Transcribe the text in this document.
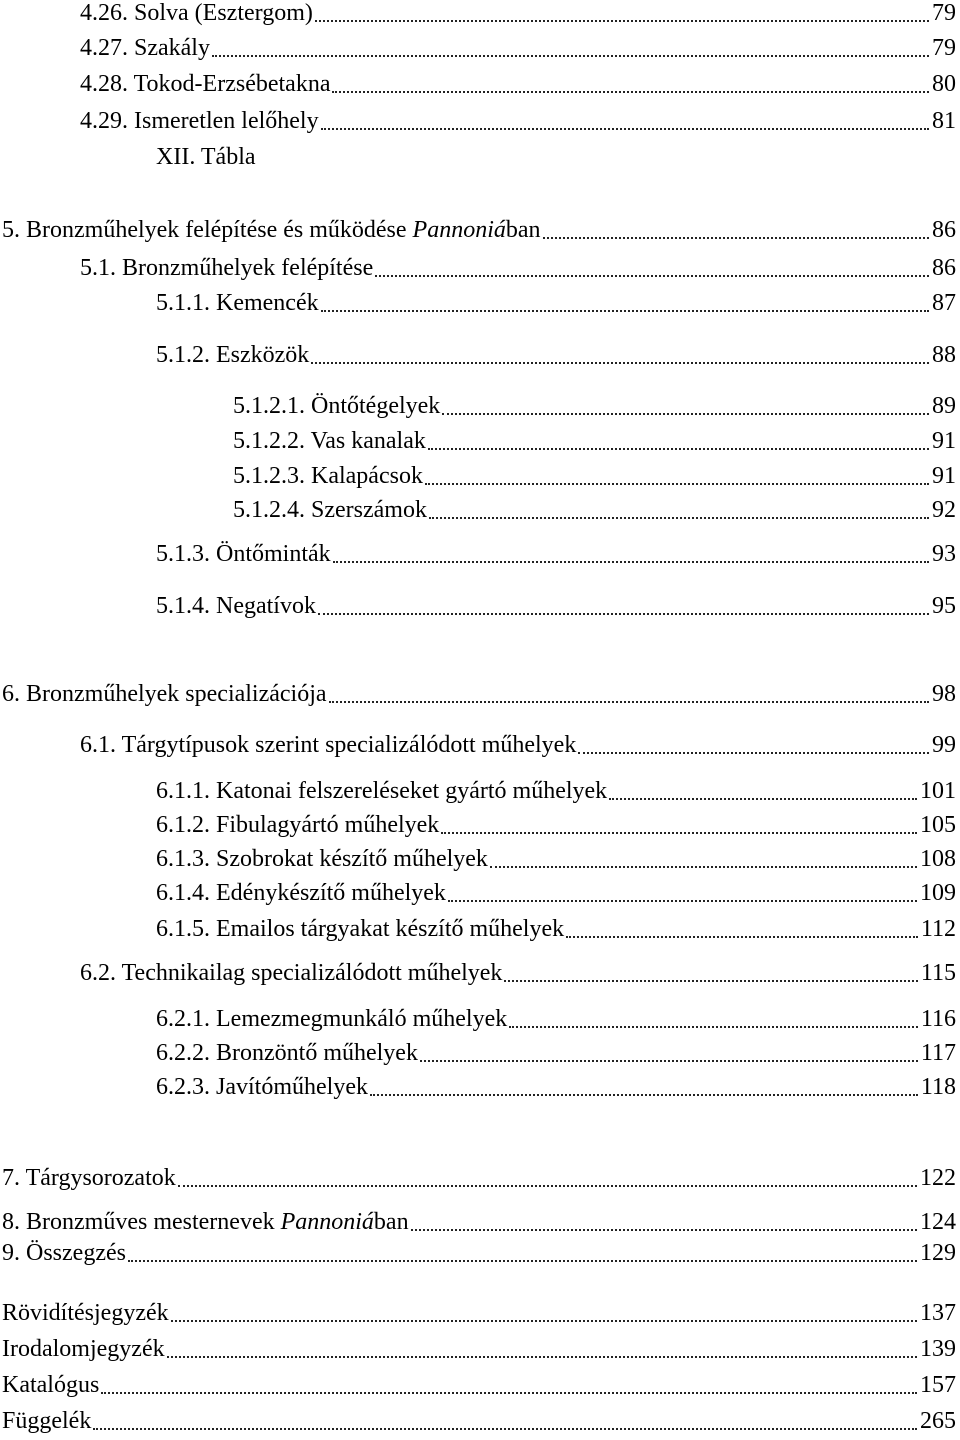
4.26. Solva (Esztergom)	79
4.27. Szakály	79
4.28. Tokod-Erzsébetakna	80
4.29. Ismeretlen lelőhely	81
XII. Tábla
5. Bronzműhelyek felépítése és működése Pannoniában	86
5.1. Bronzműhelyek felépítése	86
5.1.1. Kemencék	87
5.1.2. Eszközök	88
5.1.2.1. Öntőtégelyek	89
5.1.2.2. Vas kanalak	91
5.1.2.3. Kalapácsok	91
5.1.2.4. Szerszámok	92
5.1.3. Öntőminták	93
5.1.4. Negatívok	95
6. Bronzműhelyek specializációja	98
6.1. Tárgytípusok szerint specializálódott műhelyek	99
6.1.1. Katonai felszereléseket gyártó műhelyek	101
6.1.2. Fibulagyártó műhelyek	105
6.1.3. Szobrokat készítő műhelyek	108
6.1.4. Edénykészítő műhelyek	109
6.1.5. Emailos tárgyakat készítő műhelyek	112
6.2. Technikailag specializálódott műhelyek	115
6.2.1. Lemezmegmunkáló műhelyek	116
6.2.2. Bronzöntő műhelyek	117
6.2.3. Javítóműhelyek	118
7. Tárgysorozatok	122
8. Bronzműves mesternevek Pannoniában	124
9. Összegzés	129
Rövidítésjegyzék	137
Irodalomjegyzék	139
Katalógus	157
Függelék	265
